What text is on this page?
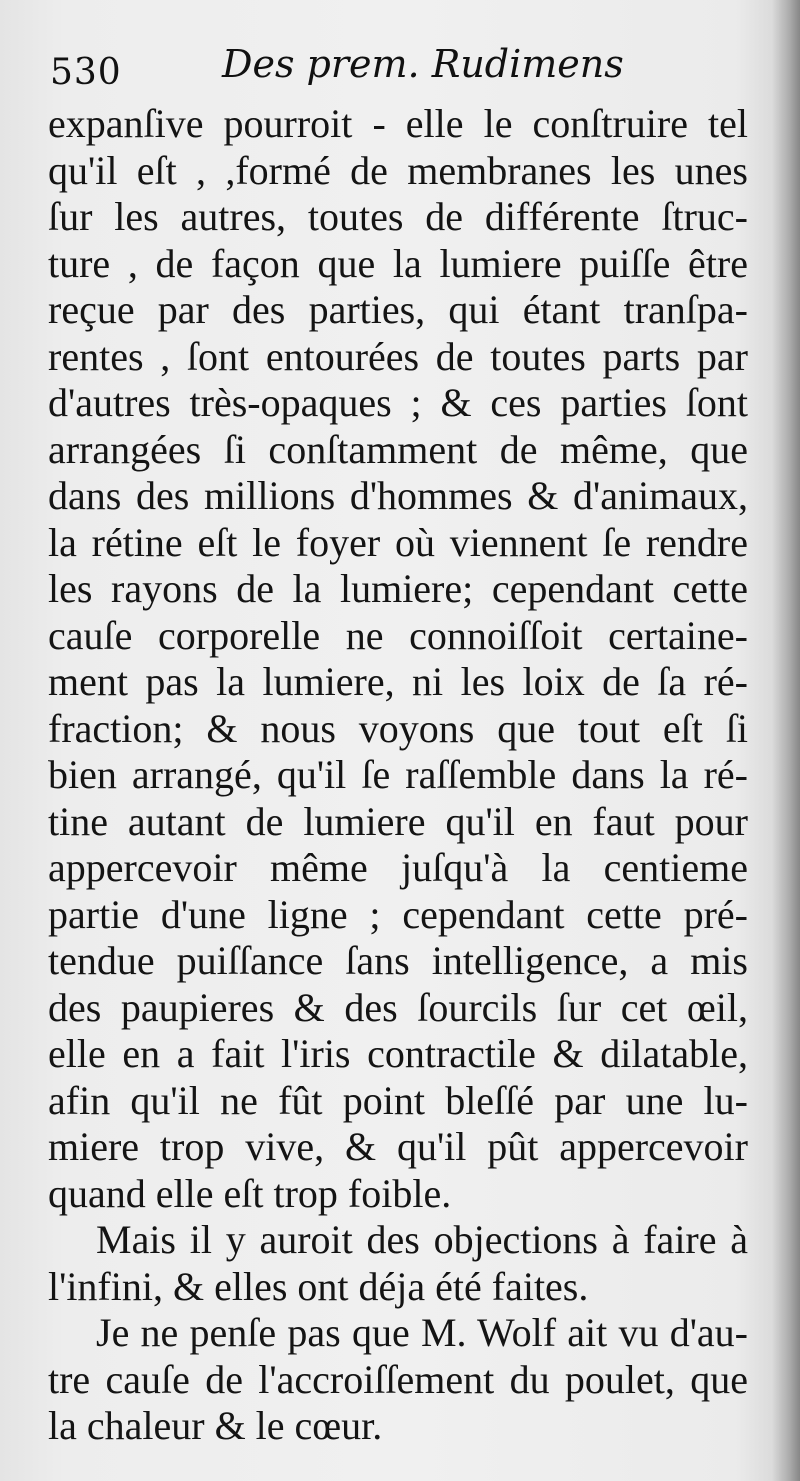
530	Des prem. Rudimens
expanſive pourroit - elle le conſtruire tel
qu'il eſt , ,formé de membranes les unes
ſur les autres, toutes de différente ſtruc-
ture , de façon que la lumiere puiſſe être
reçue par des parties, qui étant tranſpa-
rentes , ſont entourées de toutes parts par
d'autres très-opaques ; & ces parties ſont
arrangées ſi conſtamment de même, que
dans des millions d'hommes & d'animaux,
la rétine eſt le foyer où viennent ſe rendre
les rayons de la lumiere; cependant cette
cauſe corporelle ne connoiſſoit certaine-
ment pas la lumiere, ni les loix de ſa ré-
fraction; & nous voyons que tout eſt ſi
bien arrangé, qu'il ſe raſſemble dans la ré-
tine autant de lumiere qu'il en faut pour
appercevoir même juſqu'à la centieme
partie d'une ligne ; cependant cette pré-
tendue puiſſance ſans intelligence, a mis
des paupieres & des ſourcils ſur cet œil,
elle en a fait l'iris contractile & dilatable,
afin qu'il ne fût point bleſſé par une lu-
miere trop vive, & qu'il pût appercevoir
quand elle eſt trop foible.
Mais il y auroit des objections à faire à
l'infini, & elles ont déja été faites.
Je ne penſe pas que M. Wolf ait vu d'au-
tre cauſe de l'accroiſſement du poulet, que
la chaleur & le cœur.
